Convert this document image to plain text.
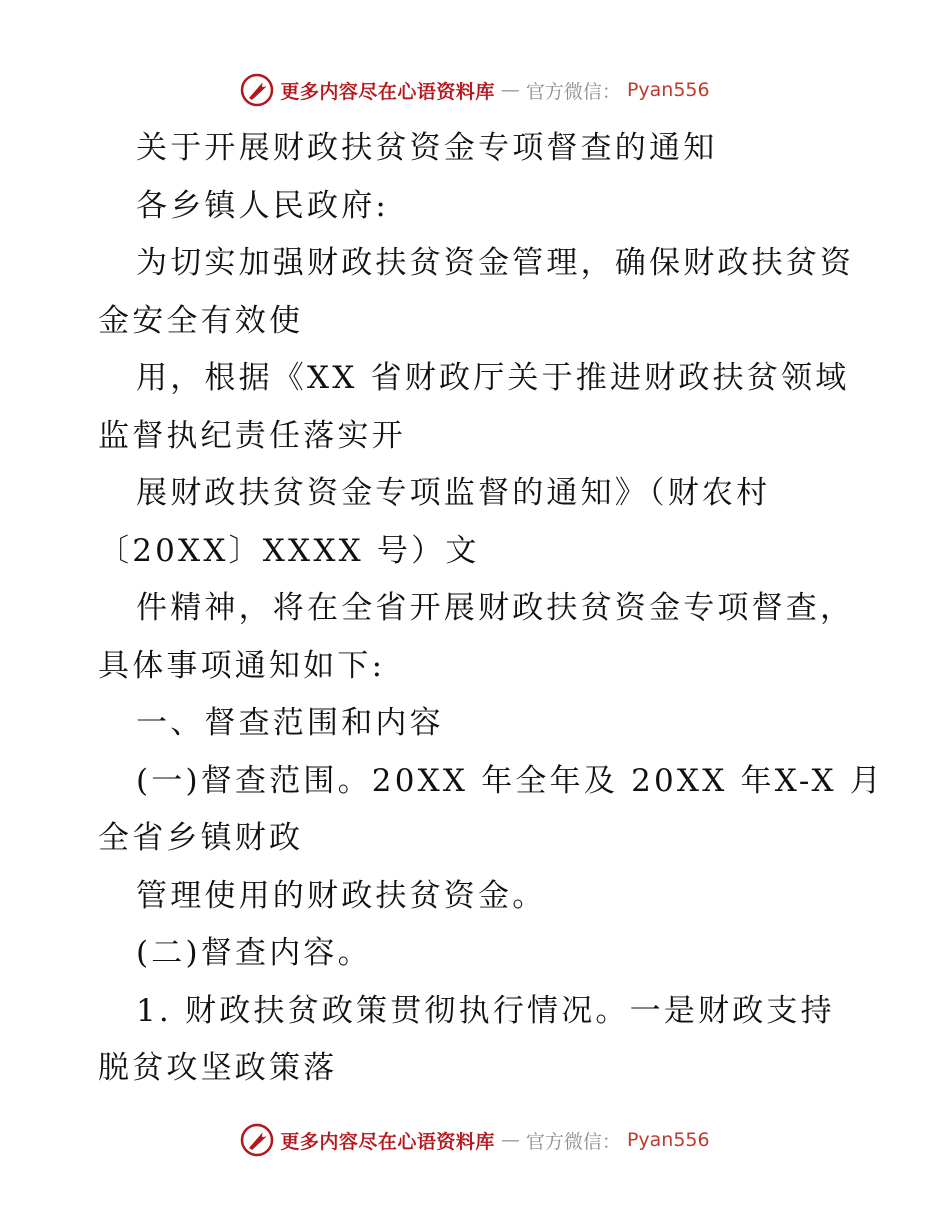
更多内容尽在心语资料库 — 官方微信： Pyan556
关于开展财政扶贫资金专项督查的通知
各乡镇人民政府:
为切实加强财政扶贫资金管理，确保财政扶贫资
金安全有效使
用，根据《XX 省财政厅关于推进财政扶贫领域
监督执纪责任落实开
展财政扶贫资金专项监督的通知》（财农村
〔20XX〕XXXX 号）文
件精神，将在全省开展财政扶贫资金专项督查，
具体事项通知如下:
一、督查范围和内容
(一)督查范围。20XX 年全年及 20XX 年X-X 月
全省乡镇财政
管理使用的财政扶贫资金。
(二)督查内容。
1. 财政扶贫政策贯彻执行情况。一是财政支持
脱贫攻坚政策落
更多内容尽在心语资料库 — 官方微信： Pyan556
